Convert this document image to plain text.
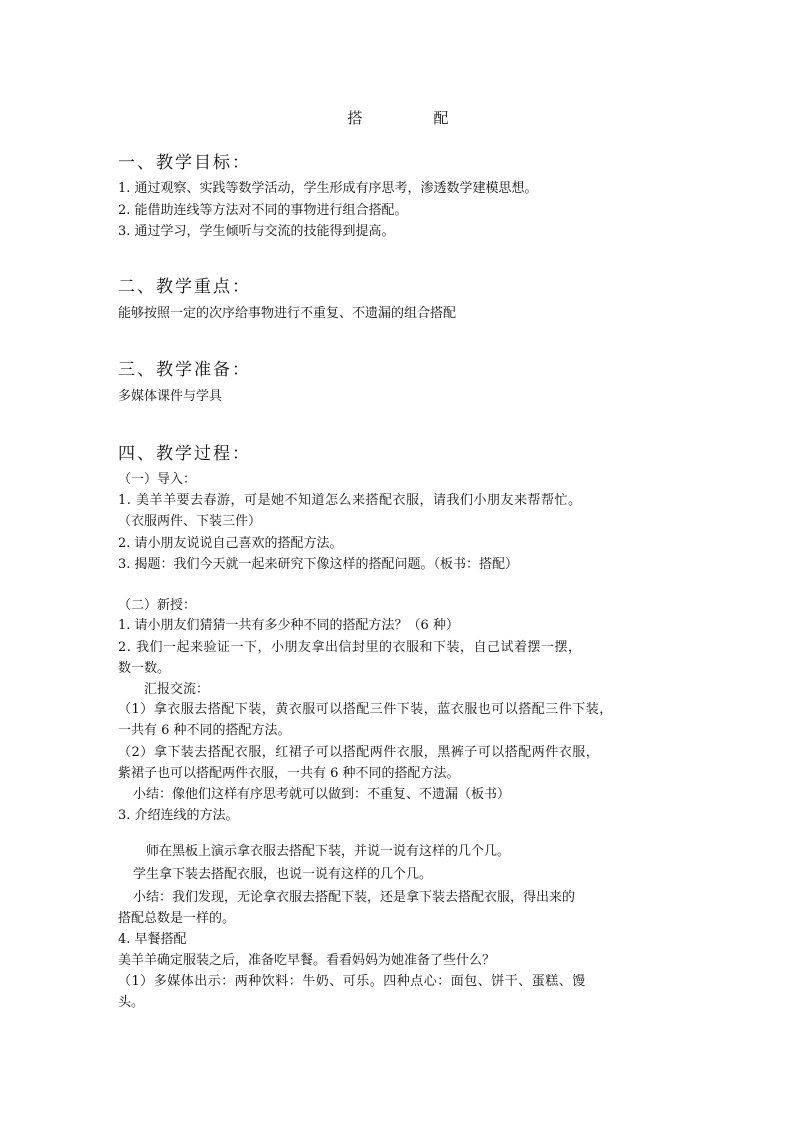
搭　配
一、教学目标：
1. 通过观察、实践等数学活动，学生形成有序思考，渗透数学建模思想。
2. 能借助连线等方法对不同的事物进行组合搭配。
3. 通过学习，学生倾听与交流的技能得到提高。
二、教学重点：
能够按照一定的次序给事物进行不重复、不遗漏的组合搭配
三、教学准备：
多媒体课件与学具
四、教学过程：
（一）导入：
1. 美羊羊要去春游，可是她不知道怎么来搭配衣服，请我们小朋友来帮帮忙。
（衣服两件、下装三件）
2. 请小朋友说说自己喜欢的搭配方法。
3. 揭题：我们今天就一起来研究下像这样的搭配问题。（板书：搭配）
（二）新授：
1. 请小朋友们猜猜一共有多少种不同的搭配方法？（6 种）
2. 我们一起来验证一下，小朋友拿出信封里的衣服和下装，自己试着摆一摆，
数一数。
汇报交流：
（1）拿衣服去搭配下装，黄衣服可以搭配三件下装，蓝衣服也可以搭配三件下装，
一共有 6 种不同的搭配方法。
（2）拿下装去搭配衣服，红裙子可以搭配两件衣服，黑裤子可以搭配两件衣服，
紫裙子也可以搭配两件衣服，一共有 6 种不同的搭配方法。
小结：像他们这样有序思考就可以做到：不重复、不遗漏（板书）
3. 介绍连线的方法。
师在黑板上演示拿衣服去搭配下装，并说一说有这样的几个几。
学生拿下装去搭配衣服，也说一说有这样的几个几。
小结：我们发现，无论拿衣服去搭配下装，还是拿下装去搭配衣服，得出来的
搭配总数是一样的。
4. 早餐搭配
美羊羊确定服装之后，准备吃早餐。看看妈妈为她准备了些什么？
（1）多媒体出示：两种饮料：牛奶、可乐。四种点心：面包、饼干、蛋糕、馒
头。
